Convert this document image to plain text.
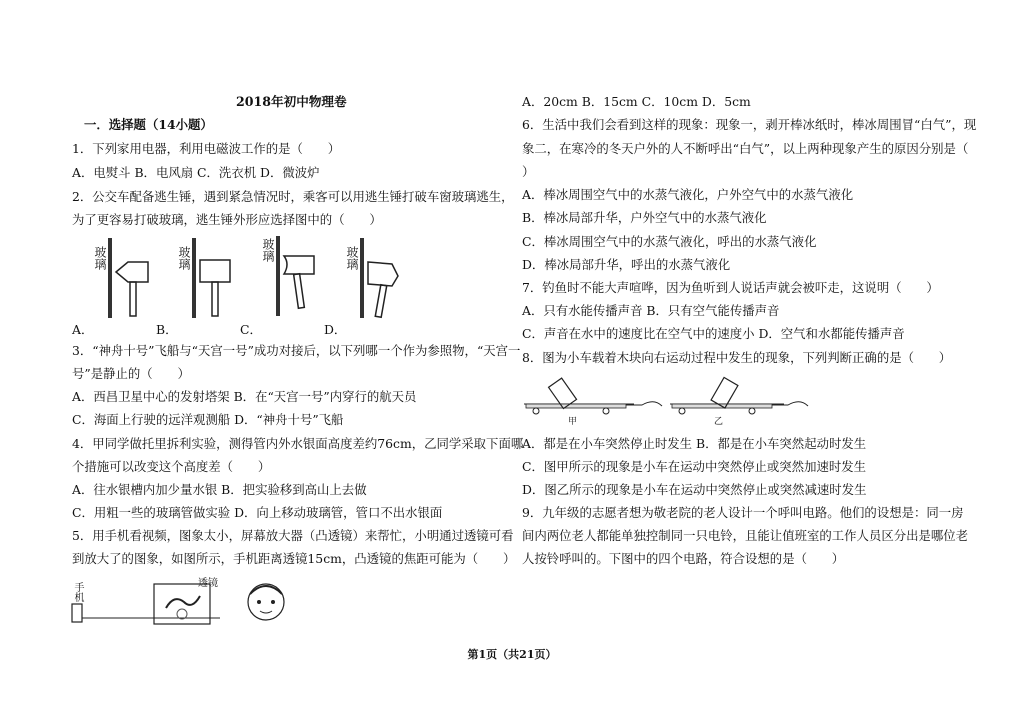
2018年初中物理卷
一．选择题（14小题）
1．下列家用电器，利用电磁波工作的是（　　）
A．电熨斗 B．电风扇 C．洗衣机 D．微波炉
2．公交车配备逃生锤，遇到紧急情况时，乘客可以用逃生锤打破车窗玻璃逃生，
为了更容易打破玻璃，逃生锤外形应选择图中的（　　）
玻璃
A．
玻璃
B．
玻璃
C．
玻璃
D．
3．“神舟十号”飞船与“天宫一号”成功对接后，以下列哪一个作为参照物，“天宫一
号”是静止的（　　）
A．西昌卫星中心的发射塔架 B．在“天宫一号”内穿行的航天员
C．海面上行驶的远洋观测船 D．“神舟十号”飞船
4．甲同学做托里拆利实验，测得管内外水银面高度差约76cm，乙同学采取下面哪
个措施可以改变这个高度差（　　）
A．往水银槽内加少量水银 B．把实验移到高山上去做
C．用粗一些的玻璃管做实验 D．向上移动玻璃管，管口不出水银面
5．用手机看视频，图象太小，屏幕放大器（凸透镜）来帮忙，小明通过透镜可看
到放大了的图象，如图所示，手机距离透镜15cm，凸透镜的焦距可能为（　　）
手机	透镜
A．20cm B．15cm C．10cm D．5cm
6．生活中我们会看到这样的现象：现象一，剥开棒冰纸时，棒冰周围冒“白气”，现
象二，在寒冷的冬天户外的人不断呼出“白气”，以上两种现象产生的原因分别是（
）
A．棒冰周围空气中的水蒸气液化，户外空气中的水蒸气液化
B．棒冰局部升华，户外空气中的水蒸气液化
C．棒冰周围空气中的水蒸气液化，呼出的水蒸气液化
D．棒冰局部升华，呼出的水蒸气液化
7．钓鱼时不能大声喧哗，因为鱼听到人说话声就会被吓走，这说明（　　）
A．只有水能传播声音 B．只有空气能传播声音
C．声音在水中的速度比在空气中的速度小 D．空气和水都能传播声音
8．图为小车载着木块向右运动过程中发生的现象，下列判断正确的是（　　）
甲	乙
A．都是在小车突然停止时发生 B．都是在小车突然起动时发生
C．图甲所示的现象是小车在运动中突然停止或突然加速时发生
D．图乙所示的现象是小车在运动中突然停止或突然减速时发生
9．九年级的志愿者想为敬老院的老人设计一个呼叫电路。他们的设想是：同一房
间内两位老人都能单独控制同一只电铃，且能让值班室的工作人员区分出是哪位老
人按铃呼叫的。下图中的四个电路，符合设想的是（　　）
第1页（共21页）
